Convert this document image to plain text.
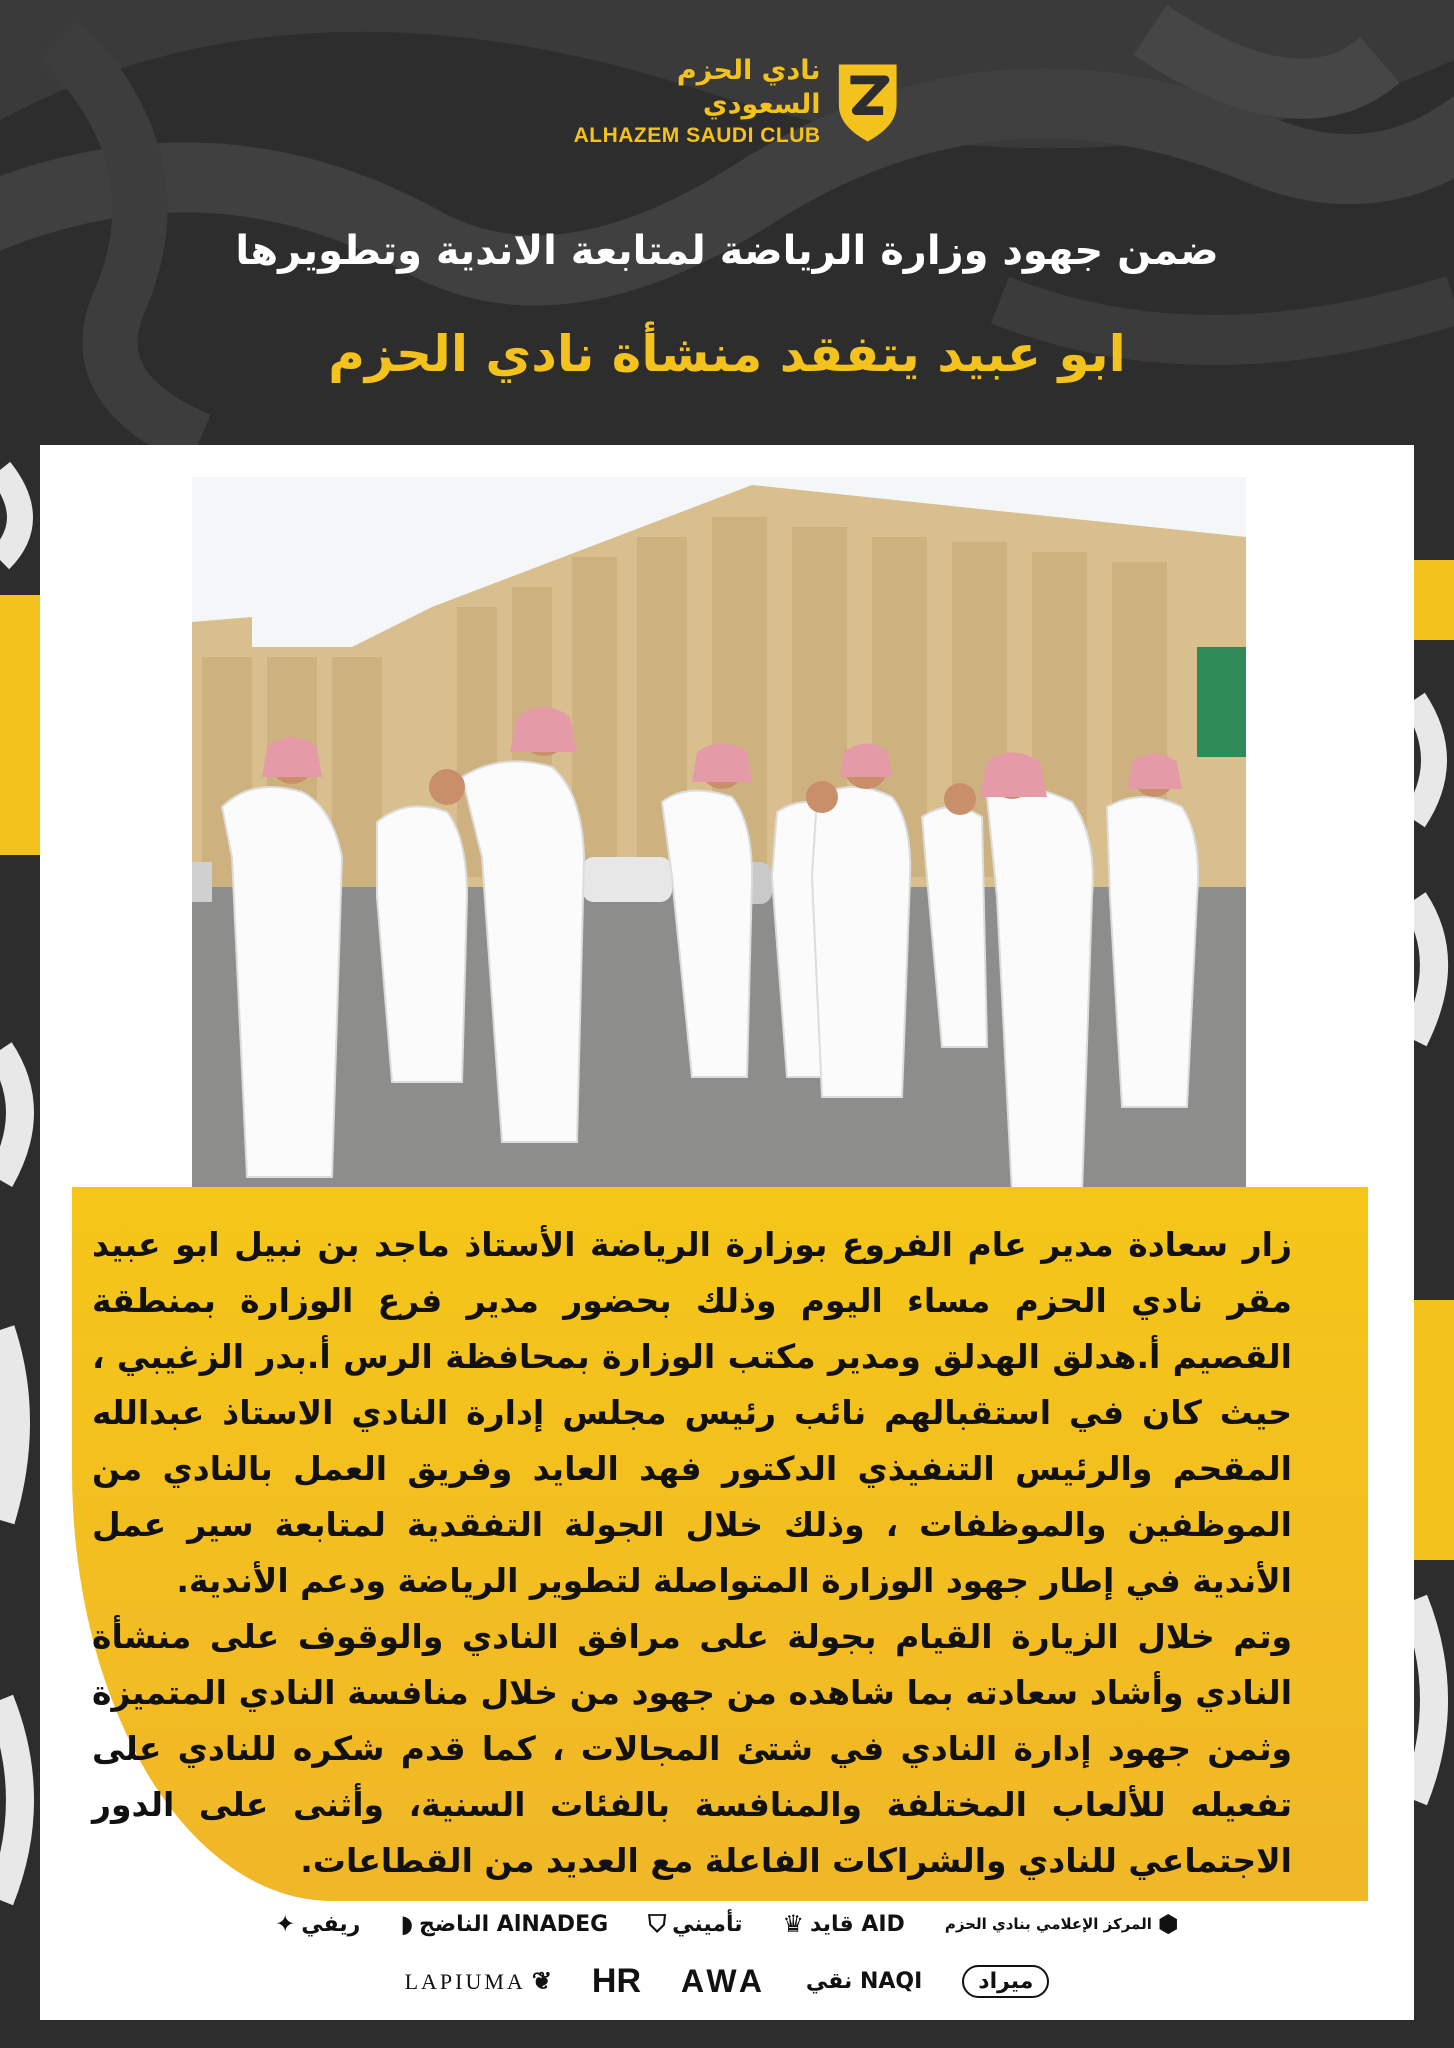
نادي الحزم السعودي
ALHAZEM SAUDI CLUB
ضمن جهود وزارة الرياضة لمتابعة الاندية وتطويرها
ابو عبيد يتفقد منشأة نادي الحزم

زار سعادة مدير عام الفروع بوزارة الرياضة الأستاذ ماجد بن نبيل ابو عبيد مقر نادي الحزم مساء اليوم وذلك بحضور مدير فرع الوزارة بمنطقة القصيم أ.هدلق الهدلق ومدير مكتب الوزارة بمحافظة الرس أ.بدر الزغيبي ، حيث كان في استقبالهم نائب رئيس مجلس إدارة النادي الاستاذ عبدالله المقحم والرئيس التنفيذي الدكتور فهد العايد وفريق العمل بالنادي من الموظفين والموظفات ، وذلك خلال الجولة التفقدية لمتابعة سير عمل الأندية في إطار جهود الوزارة المتواصلة لتطوير الرياضة ودعم الأندية.

وتم خلال الزيارة القيام بجولة على مرافق النادي والوقوف على منشأة النادي وأشاد سعادته بما شاهده من جهود من خلال منافسة النادي المتميزة وثمن جهود إدارة النادي في شتئ المجالات ، كما قدم شكره للنادي على تفعيله للألعاب المختلفة والمنافسة بالفئات السنية، وأثنى على الدور الاجتماعي للنادي والشراكات الفاعلة مع العديد من القطاعات.

✦ ريفي ◗ الناضج AlNADEG ⛉ تأميني ♛ قايد AID	المركز الإعلامي بنادي الحزم ⬢
LAPIUMA ❦ HR AWA نقي NAQI	ميراد
